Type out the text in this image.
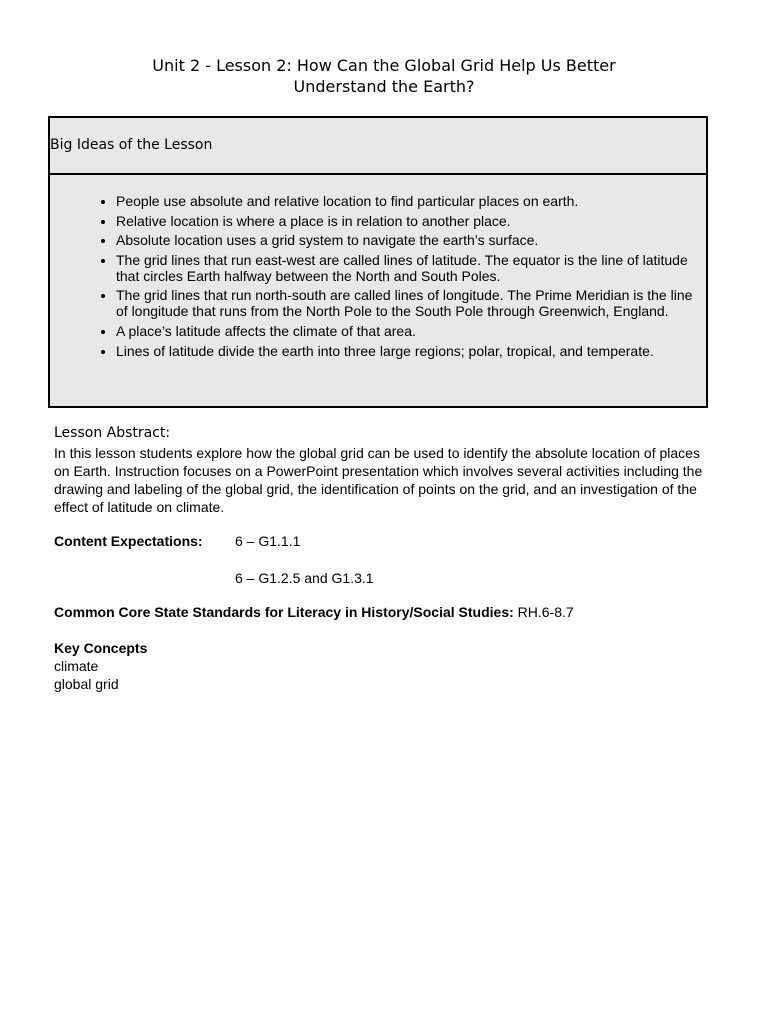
Unit 2 - Lesson 2: How Can the Global Grid Help Us Better
Understand the Earth?
Big Ideas of the Lesson
• People use absolute and relative location to find particular places on earth.
• Relative location is where a place is in relation to another place.
• Absolute location uses a grid system to navigate the earth’s surface.
• The grid lines that run east-west are called lines of latitude. The equator is the line of latitude that circles Earth halfway between the North and South Poles.
• The grid lines that run north-south are called lines of longitude. The Prime Meridian is the line of longitude that runs from the North Pole to the South Pole through Greenwich, England.
• A place’s latitude affects the climate of that area.
• Lines of latitude divide the earth into three large regions; polar, tropical, and temperate.
Lesson Abstract:
In this lesson students explore how the global grid can be used to identify the absolute location of places on Earth. Instruction focuses on a PowerPoint presentation which involves several activities including the drawing and labeling of the global grid, the identification of points on the grid, and an investigation of the effect of latitude on climate.
Content Expectations: 6 – G1.1.1
6 – G1.2.5 and G1.3.1
Common Core State Standards for Literacy in History/Social Studies: RH.6-8.7
Key Concepts
climate
global grid
